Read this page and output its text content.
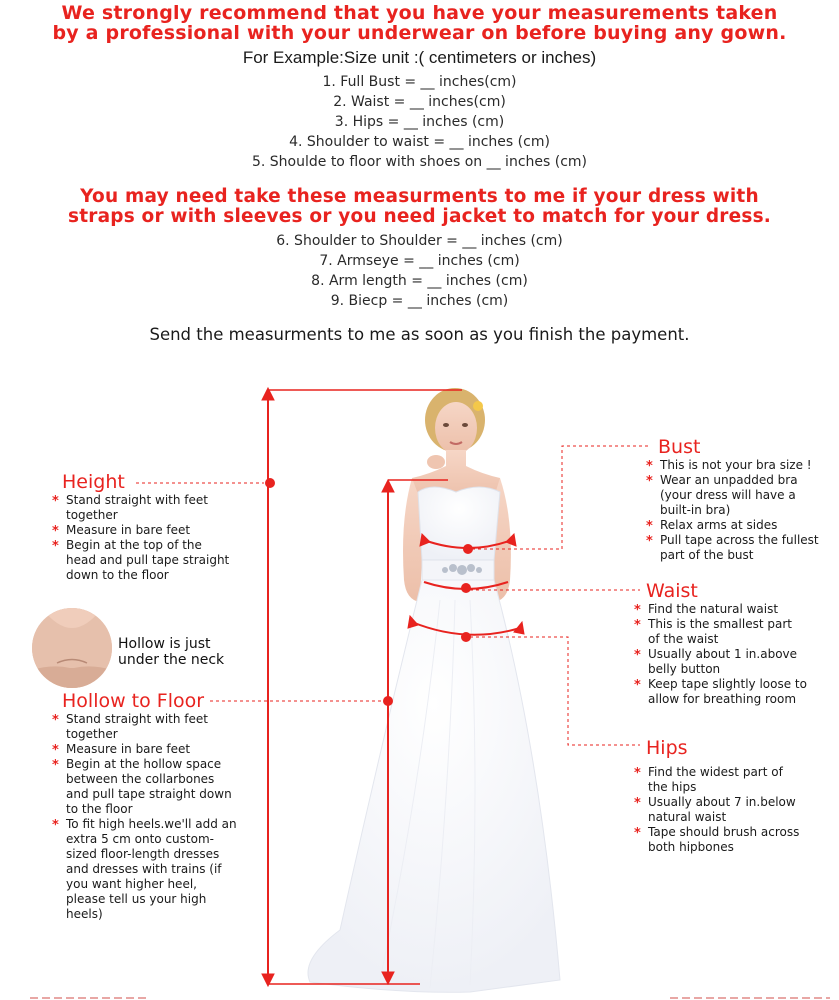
We strongly recommend that you have your measurements taken
by a professional with your underwear on before buying any gown.
For Example:Size unit :( centimeters or inches)
1. Full Bust = __ inches(cm)
2. Waist = __ inches(cm)
3. Hips = __ inches (cm)
4. Shoulder to waist = __ inches (cm)
5. Shoulde to floor with shoes on __ inches (cm)
You may need take these measurments to me if your dress with
straps or with sleeves or you need jacket to match for your dress.
6. Shoulder to Shoulder = __ inches (cm)
7. Armseye = __ inches (cm)
8. Arm length = __ inches (cm)
9. Biecp = __ inches (cm)
Send the measurments to me as soon as you finish the payment.
Hollow is just
under the neck
Height
* Stand straight with feet together
* Measure in bare feet
* Begin at the top of the head and pull tape straight down to the floor
Hollow to Floor
* Stand straight with feet together
* Measure in bare feet
* Begin at the hollow space between the collarbones and pull tape straight down to the floor
* To fit high heels.we'll add an extra 5 cm onto custom-sized floor-length dresses and dresses with trains (if you want higher heel, please tell us your high heels)
Bust
* This is not your bra size !
* Wear an unpadded bra (your dress will have a built-in bra)
* Relax arms at sides
* Pull tape across the fullest part of the bust
Waist
* Find the natural waist
* This is the smallest part of the waist
* Usually about 1 in.above belly button
* Keep tape slightly loose to allow for breathing room
Hips
* Find the widest part of the hips
* Usually about 7 in.below natural waist
* Tape should brush across both hipbones
